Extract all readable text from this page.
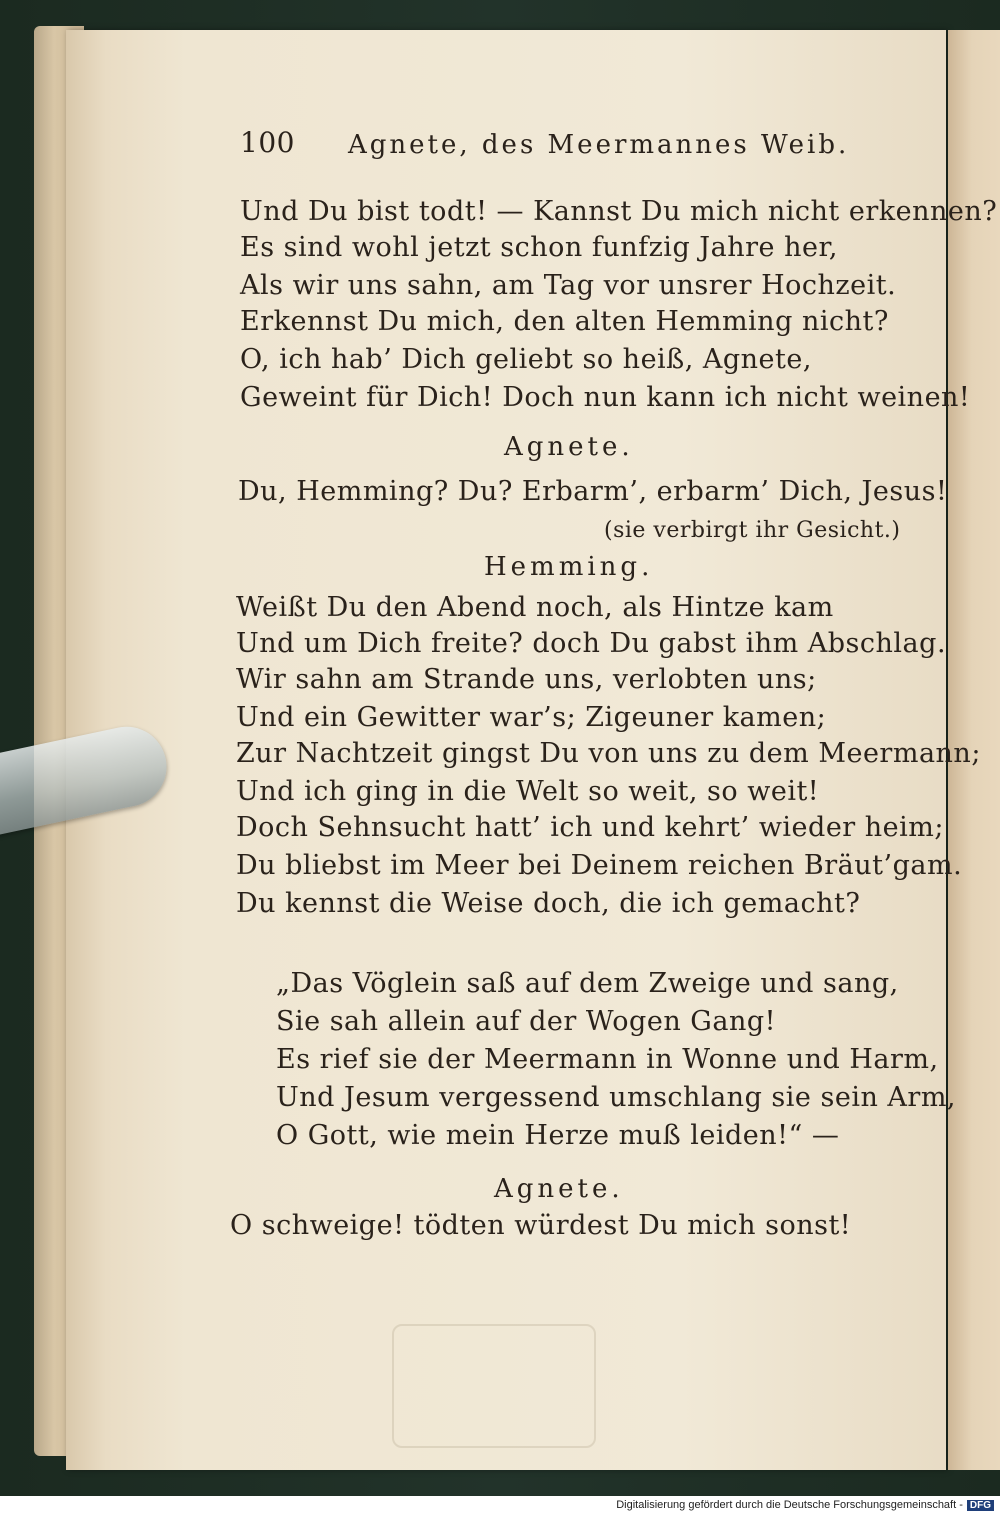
100 Agnete, des Meermannes Weib.
Und Du bist todt! — Kannst Du mich nicht erkennen?
Es sind wohl jetzt schon funfzig Jahre her,
Als wir uns sahn, am Tag vor unsrer Hochzeit.
Erkennst Du mich, den alten Hemming nicht?
O, ich hab’ Dich geliebt so heiß, Agnete,
Geweint für Dich! Doch nun kann ich nicht weinen!
Agnete.
Du, Hemming? Du? Erbarm’, erbarm’ Dich, Jesus!
(sie verbirgt ihr Gesicht.)
Hemming.
Weißt Du den Abend noch, als Hintze kam
Und um Dich freite? doch Du gabst ihm Abschlag.
Wir sahn am Strande uns, verlobten uns;
Und ein Gewitter war’s; Zigeuner kamen;
Zur Nachtzeit gingst Du von uns zu dem Meermann;
Und ich ging in die Welt so weit, so weit!
Doch Sehnsucht hatt’ ich und kehrt’ wieder heim;
Du bliebst im Meer bei Deinem reichen Bräut’gam.
Du kennst die Weise doch, die ich gemacht?
„Das Vöglein saß auf dem Zweige und sang,
Sie sah allein auf der Wogen Gang!
Es rief sie der Meermann in Wonne und Harm,
Und Jesum vergessend umschlang sie sein Arm,
O Gott, wie mein Herze muß leiden!“ —
Agnete.
O schweige! tödten würdest Du mich sonst!
Digitalisierung gefördert durch die Deutsche Forschungsgemeinschaft - DFG
